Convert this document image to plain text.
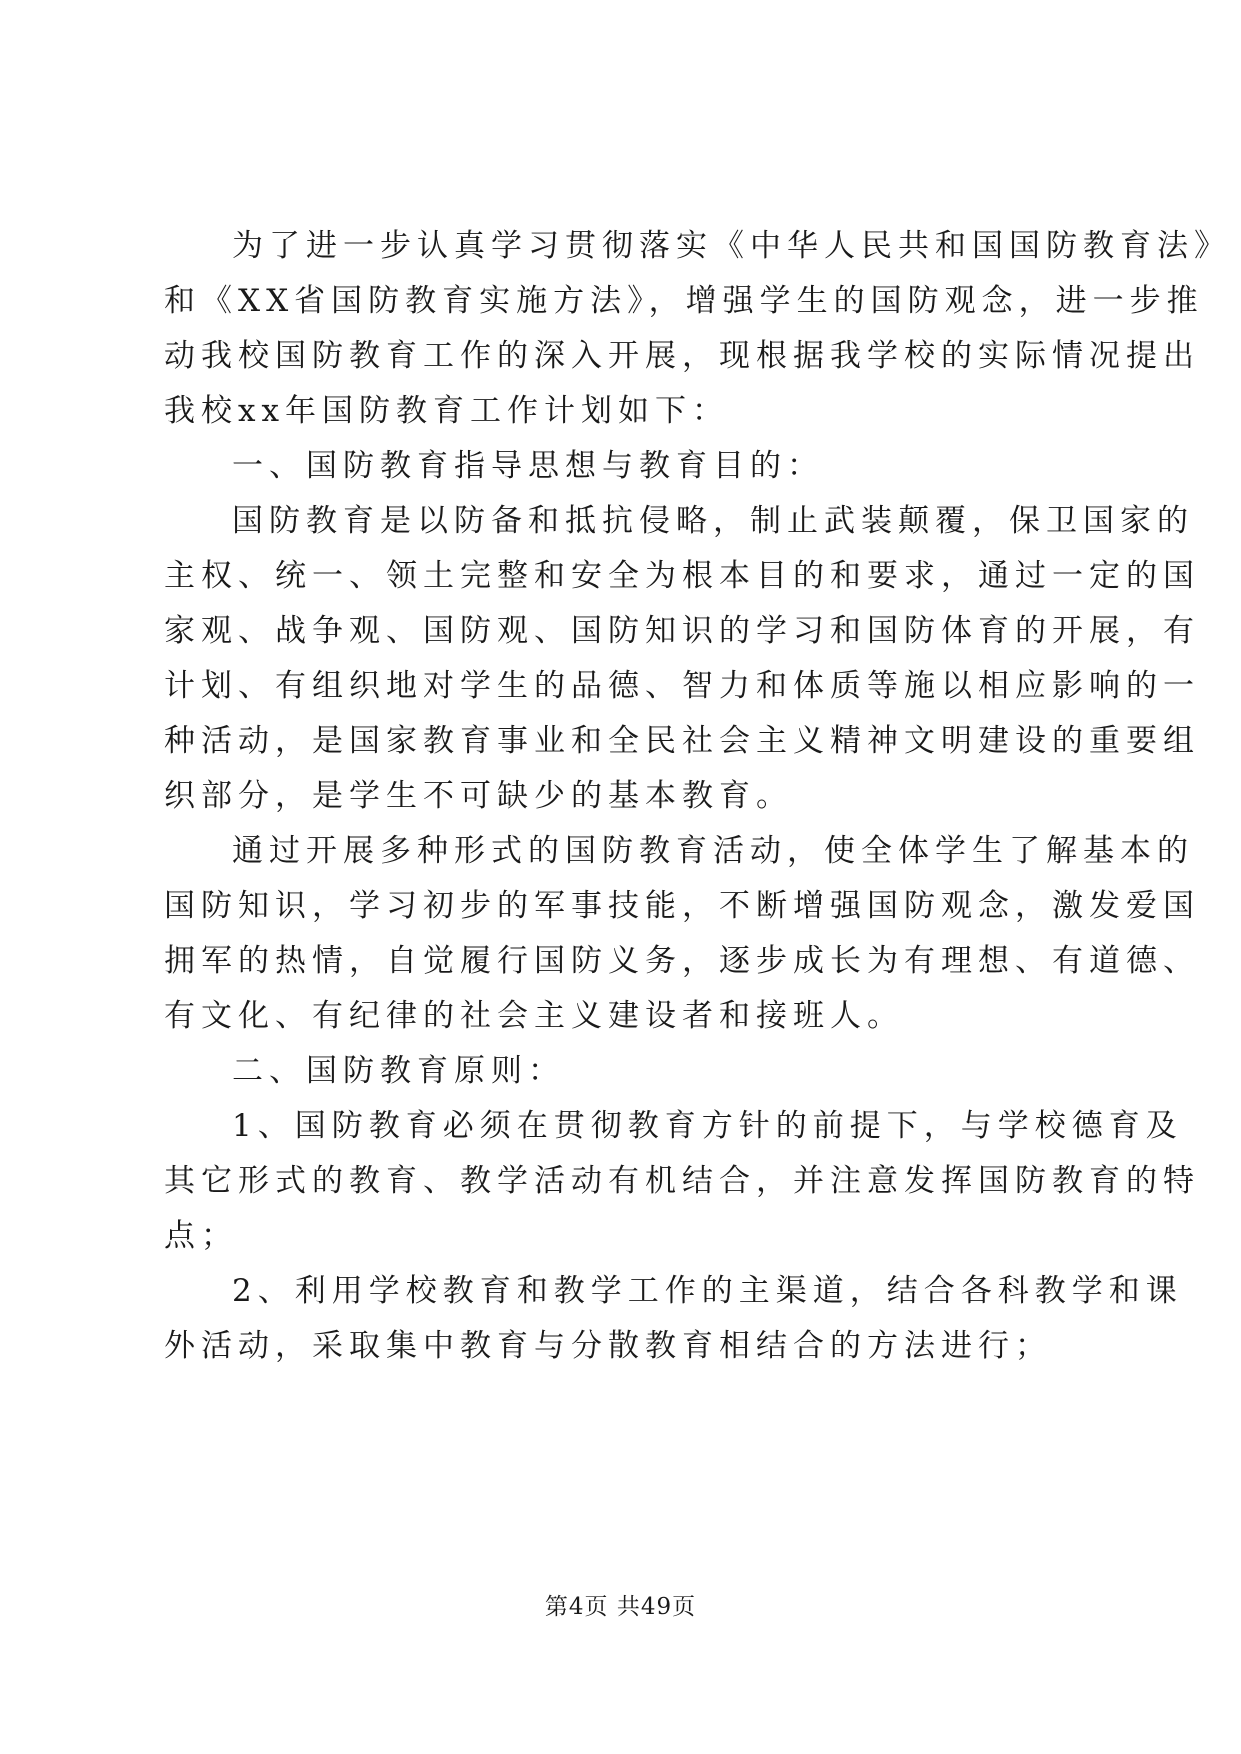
为了进一步认真学习贯彻落实《中华人民共和国国防教育法》
和《XX省国防教育实施方法》，增强学生的国防观念，进一步推
动我校国防教育工作的深入开展，现根据我学校的实际情况提出
我校xx年国防教育工作计划如下：
一、国防教育指导思想与教育目的：
国防教育是以防备和抵抗侵略，制止武装颠覆，保卫国家的
主权、统一、领土完整和安全为根本目的和要求，通过一定的国
家观、战争观、国防观、国防知识的学习和国防体育的开展，有
计划、有组织地对学生的品德、智力和体质等施以相应影响的一
种活动，是国家教育事业和全民社会主义精神文明建设的重要组
织部分，是学生不可缺少的基本教育。
通过开展多种形式的国防教育活动，使全体学生了解基本的
国防知识，学习初步的军事技能，不断增强国防观念，激发爱国
拥军的热情，自觉履行国防义务，逐步成长为有理想、有道德、
有文化、有纪律的社会主义建设者和接班人。
二、国防教育原则：
1、国防教育必须在贯彻教育方针的前提下，与学校德育及
其它形式的教育、教学活动有机结合，并注意发挥国防教育的特
点；
2、利用学校教育和教学工作的主渠道，结合各科教学和课
外活动，采取集中教育与分散教育相结合的方法进行；
第4页 共49页
